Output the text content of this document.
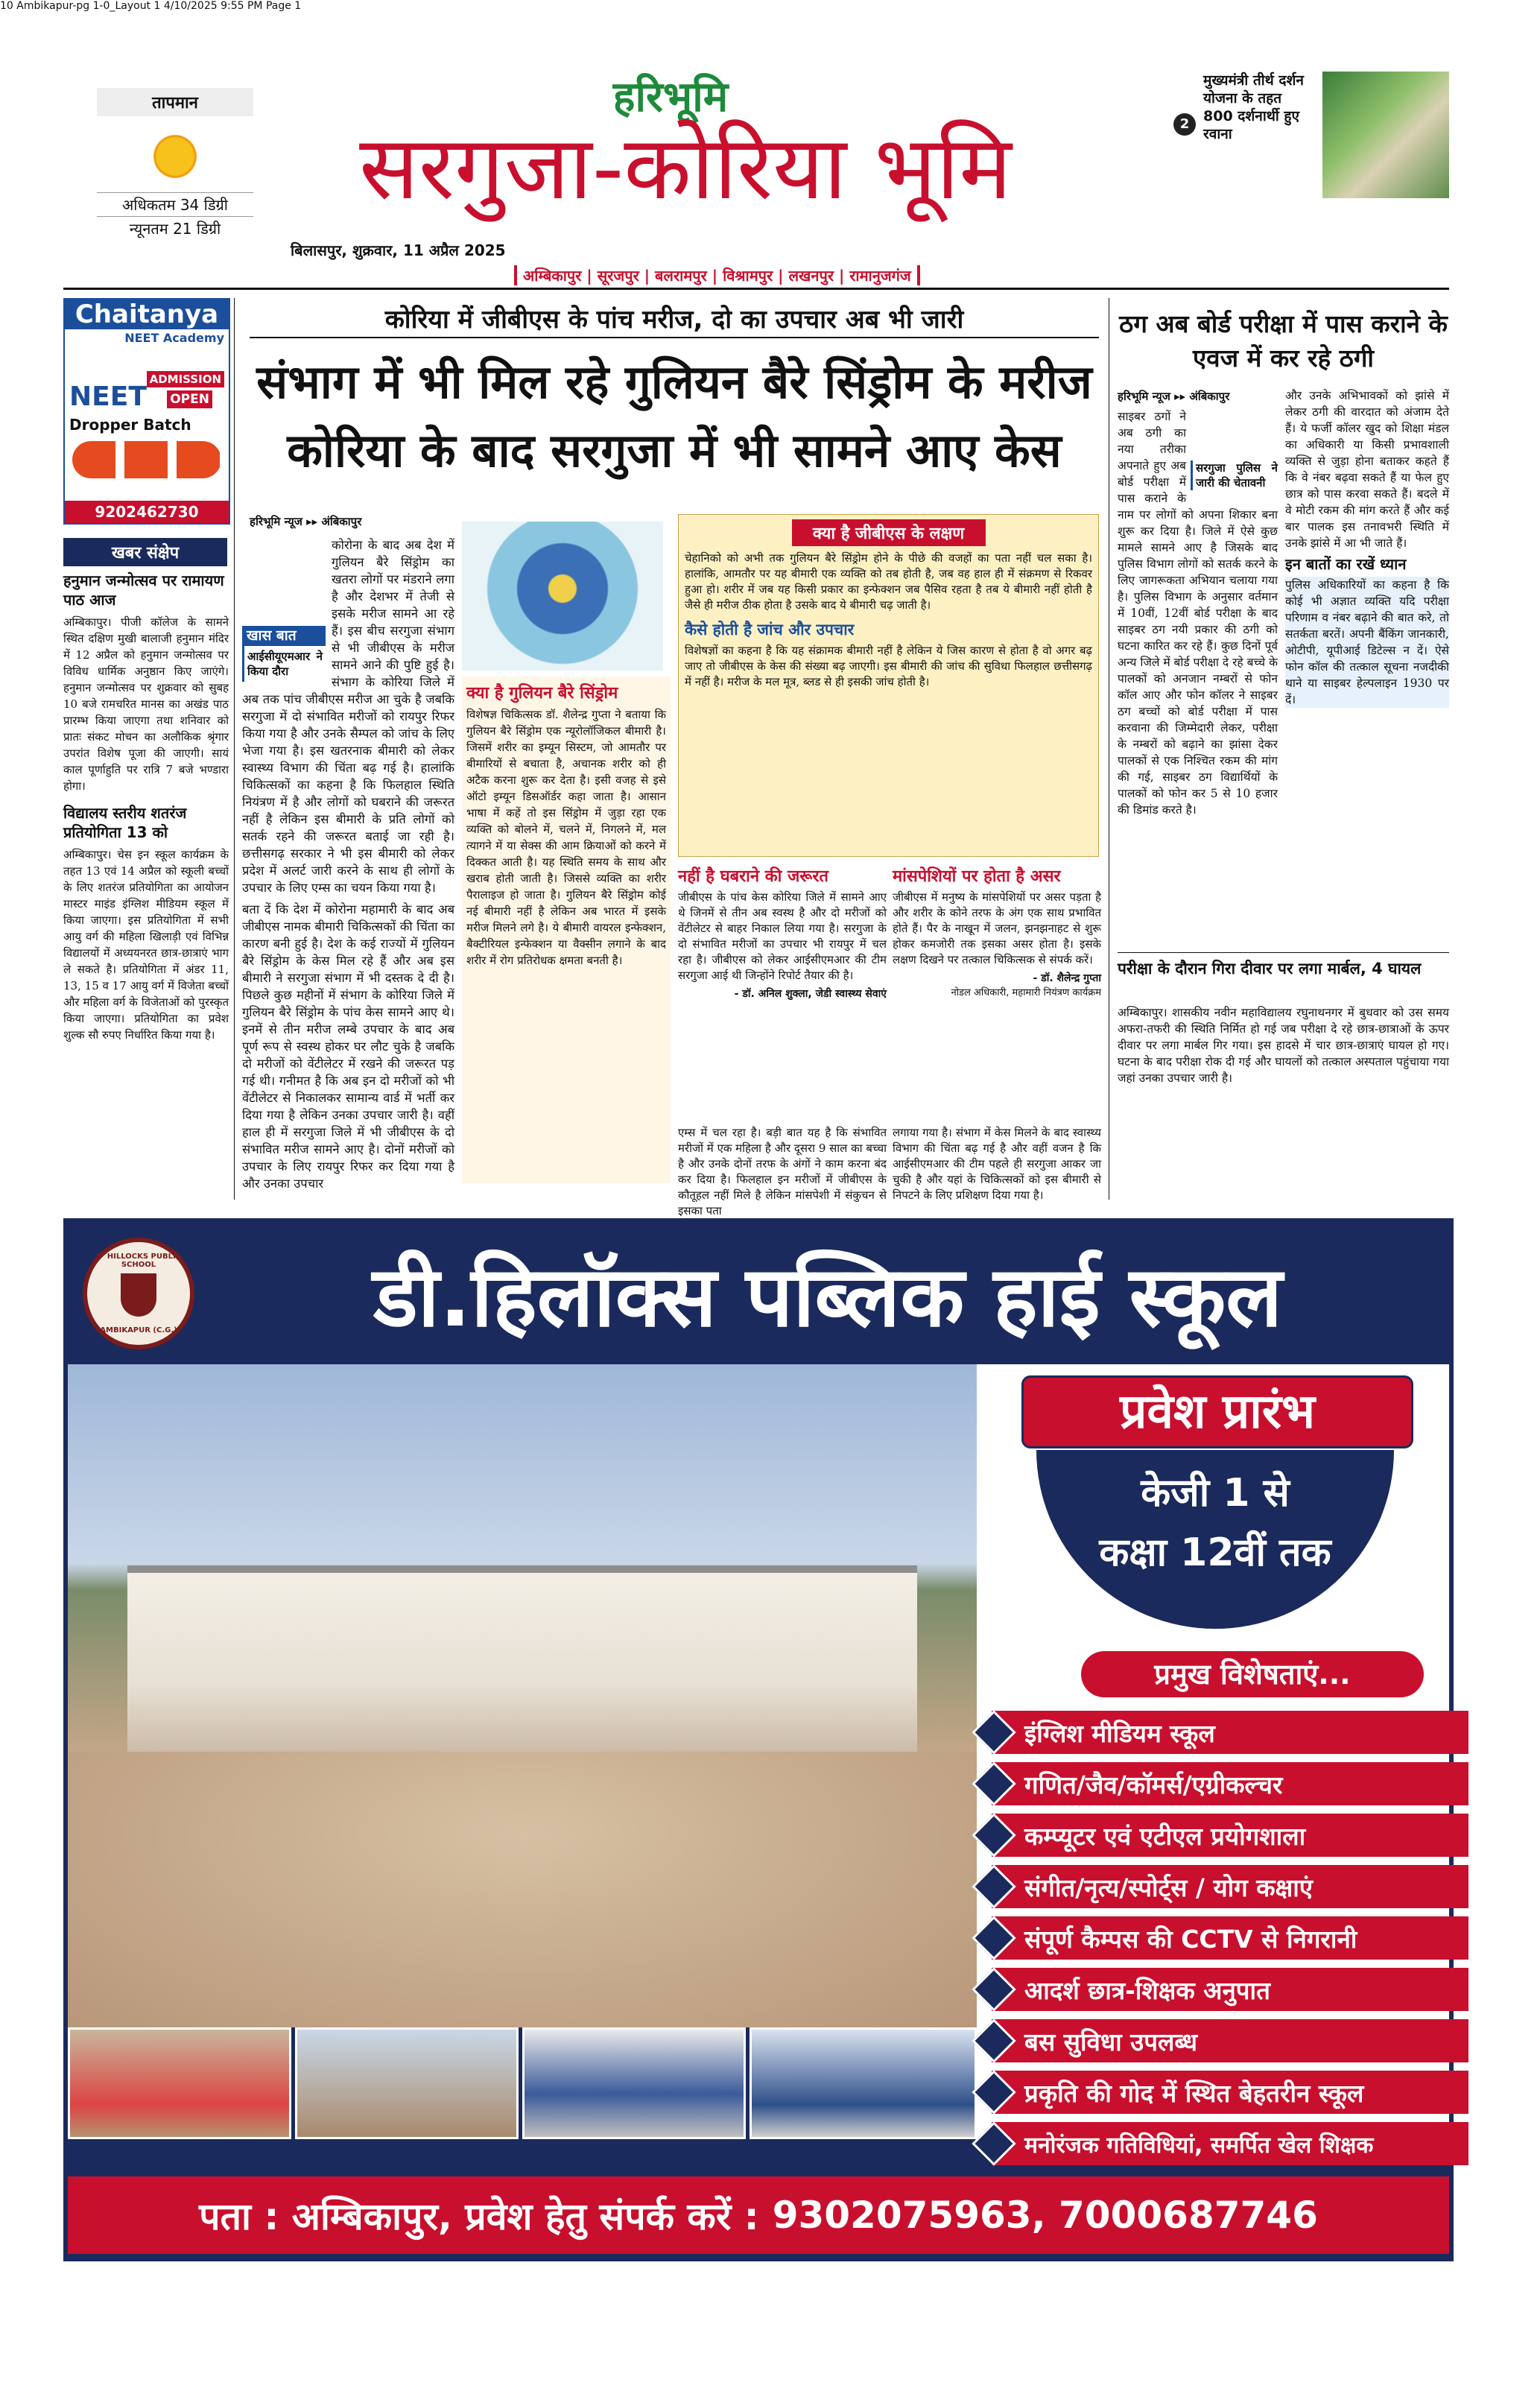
10 Ambikapur-pg 1-0_Layout 1 4/10/2025 9:55 PM Page 1
तापमान
अधिकतम 34 डिग्री
न्यूनतम 21 डिग्री
हरिभूमि
सरगुजा-कोरिया भूमि
बिलासपुर, शुक्रवार, 11 अप्रैल 2025
अम्बिकापुर | सूरजपुर | बलरामपुर | विश्रामपुर | लखनपुर | रामानुजगंज
2
मुख्यमंत्री तीर्थ दर्शन योजना के तहत 800 दर्शनार्थी हुए रवाना
Chaitanya
NEET Academy
NEET
ADMISSION
OPEN
Dropper Batch
9202462730
खबर संक्षेप
हनुमान जन्मोत्सव पर रामायण पाठ आज
अम्बिकापुर। पीजी कॉलेज के सामने स्थित दक्षिण मुखी बालाजी हनुमान मंदिर में 12 अप्रैल को हनुमान जन्मोत्सव पर विविध धार्मिक अनुष्ठान किए जाएंगे। हनुमान जन्मोत्सव पर शुक्रवार को सुबह 10 बजे रामचरित मानस का अखंड पाठ प्रारम्भ किया जाएगा तथा शनिवार को प्रातः संकट मोचन का अलौकिक श्रृंगार उपरांत विशेष पूजा की जाएगी। सायं काल पूर्णाहुति पर रात्रि 7 बजे भण्डारा होगा।
विद्यालय स्तरीय शतरंज प्रतियोगिता 13 को
अम्बिकापुर। चेस इन स्कूल कार्यक्रम के तहत 13 एवं 14 अप्रैल को स्कूली बच्चों के लिए शतरंज प्रतियोगिता का आयोजन मास्टर माइंड इंग्लिश मीडियम स्कूल में किया जाएगा। इस प्रतियोगिता में सभी आयु वर्ग की महिला खिलाड़ी एवं विभिन्न विद्यालयों में अध्ययनरत छात्र-छात्राएं भाग ले सकते है। प्रतियोगिता में अंडर 11, 13, 15 व 17 आयु वर्ग में विजेता बच्चों और महिला वर्ग के विजेताओं को पुरस्कृत किया जाएगा। प्रतियोगिता का प्रवेश शुल्क सौ रुपए निर्धारित किया गया है।
कोरिया में जीबीएस के पांच मरीज, दो का उपचार अब भी जारी
संभाग में भी मिल रहे गुलियन बैरे सिंड्रोम के मरीज
कोरिया के बाद सरगुजा में भी सामने आए केस
हरिभूमि न्यूज ▸▸ अंबिकापुर
खास बात
आईसीयूएमआर ने किया दौरा

कोरोना के बाद अब देश में गुलियन बैरे सिंड्रोम का खतरा लोगों पर मंडराने लगा है और देशभर में तेजी से इसके मरीज सामने आ रहे हैं। इस बीच सरगुजा संभाग से भी जीबीएस के मरीज सामने आने की पुष्टि हुई है। संभाग के कोरिया जिले में अब तक पांच जीबीएस मरीज आ चुके है जबकि सरगुजा में दो संभावित मरीजों को रायपुर रिफर किया गया है और उनके सैम्पल को जांच के लिए भेजा गया है। इस खतरनाक बीमारी को लेकर स्वास्थ्य विभाग की चिंता बढ़ गई है। हालांकि चिकित्सकों का कहना है कि फिलहाल स्थिति नियंत्रण में है और लोगों को घबराने की जरूरत नहीं है लेकिन इस बीमारी के प्रति लोगों को सतर्क रहने की जरूरत बताई जा रही है। छत्तीसगढ़ सरकार ने भी इस बीमारी को लेकर प्रदेश में अलर्ट जारी करने के साथ ही लोगों के उपचार के लिए एम्स का चयन किया गया है।

बता दें कि देश में कोरोना महामारी के बाद अब जीबीएस नामक बीमारी चिकित्सकों की चिंता का कारण बनी हुई है। देश के कई राज्यों में गुलियन बैरे सिंड्रोम के केस मिल रहे हैं और अब इस बीमारी ने सरगुजा संभाग में भी दस्तक दे दी है। पिछले कुछ महीनों में संभाग के कोरिया जिले में गुलियन बैरे सिंड्रोम के पांच केस सामने आए थे। इनमें से तीन मरीज लम्बे उपचार के बाद अब पूर्ण रूप से स्वस्थ होकर घर लौट चुके है जबकि दो मरीजों को वेंटीलेटर में रखने की जरूरत पड़ गई थी। गनीमत है कि अब इन दो मरीजों को भी वेंटीलेटर से निकालकर सामान्य वार्ड में भर्ती कर दिया गया है लेकिन उनका उपचार जारी है। वहीं हाल ही में सरगुजा जिले में भी जीबीएस के दो संभावित मरीज सामने आए है। दोनों मरीजों को उपचार के लिए रायपुर रिफर कर दिया गया है और उनका उपचार

क्या है गुलियन बैरे सिंड्रोम
विशेषज्ञ चिकित्सक डॉ. शैलेन्द्र गुप्ता ने बताया कि गुलियन बैरे सिंड्रोम एक न्यूरोलॉजिकल बीमारी है। जिसमें शरीर का इम्यून सिस्टम, जो आमतौर पर बीमारियों से बचाता है, अचानक शरीर को ही अटैक करना शुरू कर देता है। इसी वजह से इसे ऑटो इम्यून डिसऑर्डर कहा जाता है। आसान भाषा में कहें तो इस सिंड्रोम में जुड़ा रहा एक व्यक्ति को बोलने में, चलने में, निगलने में, मल त्यागने में या सेक्स की आम क्रियाओं को करने में दिक्कत आती है। यह स्थिति समय के साथ और खराब होती जाती है। जिससे व्यक्ति का शरीर पैरालाइज हो जाता है। गुलियन बैरे सिंड्रोम कोई नई बीमारी नहीं है लेकिन अब भारत में इसके मरीज मिलने लगे है। ये बीमारी वायरल इन्फेक्शन, बैक्टीरियल इन्फेक्शन या वैक्सीन लगाने के बाद शरीर में रोग प्रतिरोधक क्षमता बनती है।
क्या है जीबीएस के लक्षण
चेहानिको को अभी तक गुलियन बैरे सिंड्रोम होने के पीछे की वजहों का पता नहीं चल सका है। हालांकि, आमतौर पर यह बीमारी एक व्यक्ति को तब होती है, जब वह हाल ही में संक्रमण से रिकवर हुआ हो। शरीर में जब यह किसी प्रकार का इन्फेक्शन जब पैसिव रहता है तब ये बीमारी नहीं होती है जैसे ही मरीज ठीक होता है उसके बाद ये बीमारी चढ़ जाती है।
कैसे होती है जांच और उपचार
विशेषज्ञों का कहना है कि यह संक्रामक बीमारी नहीं है लेकिन ये जिस कारण से होता है वो अगर बढ़ जाए तो जीबीएस के केस की संख्या बढ़ जाएगी। इस बीमारी की जांच की सुविधा फिलहाल छत्तीसगढ़ में नहीं है। मरीज के मल मूत्र, ब्लड से ही इसकी जांच होती है।
नहीं है घबराने की जरूरत
जीबीएस के पांच केस कोरिया जिले में सामने आए थे जिनमें से तीन अब स्वस्थ है और दो मरीजों को वेंटीलेटर से बाहर निकाल लिया गया है। सरगुजा के दो संभावित मरीजों का उपचार भी रायपुर में चल रहा है। जीबीएस को लेकर आईसीएमआर की टीम सरगुजा आई थी जिन्होंने रिपोर्ट तैयार की है।
- डॉ. अनिल शुक्ला, जेडी स्वास्थ्य सेवाएं
मांसपेशियों पर होता है असर
जीबीएस में मनुष्य के मांसपेशियों पर असर पड़ता है और शरीर के कोने तरफ के अंग एक साथ प्रभावित होते हैं। पैर के नाखून में जलन, झनझनाहट से शुरू होकर कमजोरी तक इसका असर होता है। इसके लक्षण दिखने पर तत्काल चिकित्सक से संपर्क करें।
- डॉ. शैलेन्द्र गुप्ता
नोडल अधिकारी, महामारी नियंत्रण कार्यक्रम
एम्स में चल रहा है। बड़ी बात यह है कि संभावित मरीजों में एक महिला है और दूसरा 9 साल का बच्चा है और उनके दोनों तरफ के अंगों ने काम करना बंद कर दिया है। फिलहाल इन मरीजों में जीबीएस के कौतूहल नहीं मिले है लेकिन मांसपेशी में संकुचन से इसका पता
लगाया गया है। संभाग में केस मिलने के बाद स्वास्थ्य विभाग की चिंता बढ़ गई है और वहीं वजन है कि आईसीएमआर की टीम पहले ही सरगुजा आकर जा चुकी है और यहां के चिकित्सकों को इस बीमारी से निपटने के लिए प्रशिक्षण दिया गया है।
ठग अब बोर्ड परीक्षा में पास कराने के एवज में कर रहे ठगी
हरिभूमि न्यूज ▸▸ अंबिकापुर
सरगुजा पुलिस ने जारी की चेतावनी

साइबर ठगों ने अब ठगी का नया तरीका अपनाते हुए अब बोर्ड परीक्षा में पास कराने के नाम पर लोगों को अपना शिकार बना शुरू कर दिया है। जिले में ऐसे कुछ मामले सामने आए है जिसके बाद पुलिस विभाग लोगों को सतर्क करने के लिए जागरूकता अभियान चलाया गया है। पुलिस विभाग के अनुसार वर्तमान में 10वीं, 12वीं बोर्ड परीक्षा के बाद साइबर ठग नयी प्रकार की ठगी को घटना कारित कर रहे हैं। कुछ दिनों पूर्व अन्य जिले में बोर्ड परीक्षा दे रहे बच्चे के पालकों को अनजान नम्बरों से फोन कॉल आए और फोन कॉलर ने साइबर ठग बच्चों को बोर्ड परीक्षा में पास करवाना की जिम्मेदारी लेकर, परीक्षा के नम्बरों को बढ़ाने का झांसा देकर पालकों से एक निश्चित रकम की मांग की गई, साइबर ठग विद्यार्थियों के पालकों को फोन कर 5 से 10 हजार की डिमांड करते है।

और उनके अभिभावकों को झांसे में लेकर ठगी की वारदात को अंजाम देते हैं। ये फर्जी कॉलर खुद को शिक्षा मंडल का अधिकारी या किसी प्रभावशाली व्यक्ति से जुड़ा होना बताकर कहते हैं कि वे नंबर बढ़वा सकते हैं या फेल हुए छात्र को पास करवा सकते हैं। बदले में वे मोटी रकम की मांग करते हैं और कई बार पालक इस तनावभरी स्थिति में उनके झांसे में आ भी जाते हैं।

इन बातों का रखें ध्यान

पुलिस अधिकारियों का कहना है कि कोई भी अज्ञात व्यक्ति यदि परीक्षा परिणाम व नंबर बढ़ाने की बात करे, तो सतर्कता बरतें। अपनी बैंकिंग जानकारी, ओटीपी, यूपीआई डिटेल्स न दें। ऐसे फोन कॉल की तत्काल सूचना नजदीकी थाने या साइबर हेल्पलाइन 1930 पर दें।

परीक्षा के दौरान गिरा दीवार पर लगा मार्बल, 4 घायल
अम्बिकापुर। शासकीय नवीन महाविद्यालय रघुनाथनगर में बुधवार को उस समय अफरा-तफरी की स्थिति निर्मित हो गई जब परीक्षा दे रहे छात्र-छात्राओं के ऊपर दीवार पर लगा मार्बल गिर गया। इस हादसे में चार छात्र-छात्राएं घायल हो गए। घटना के बाद परीक्षा रोक दी गई और घायलों को तत्काल अस्पताल पहुंचाया गया जहां उनका उपचार जारी है।
D' HILLOCKS PUBLIC SCHOOL
AMBIKAPUR (C.G.)	डी.हिलॉक्स पब्लिक हाई स्कूल
प्रवेश प्रारंभ
केजी 1 से
कक्षा 12वीं तक
प्रमुख विशेषताएं...
इंग्लिश मीडियम स्कूल
गणित/जैव/कॉमर्स/एग्रीकल्चर
कम्प्यूटर एवं एटीएल प्रयोगशाला
संगीत/नृत्य/स्पोर्ट्स / योग कक्षाएं
संपूर्ण कैम्पस की CCTV से निगरानी
आदर्श छात्र-शिक्षक अनुपात
बस सुविधा उपलब्ध
प्रकृति की गोद में स्थित बेहतरीन स्कूल
मनोरंजक गतिविधियां, समर्पित खेल शिक्षक
पता : अम्बिकापुर, प्रवेश हेतु संपर्क करें : 9302075963, 7000687746
